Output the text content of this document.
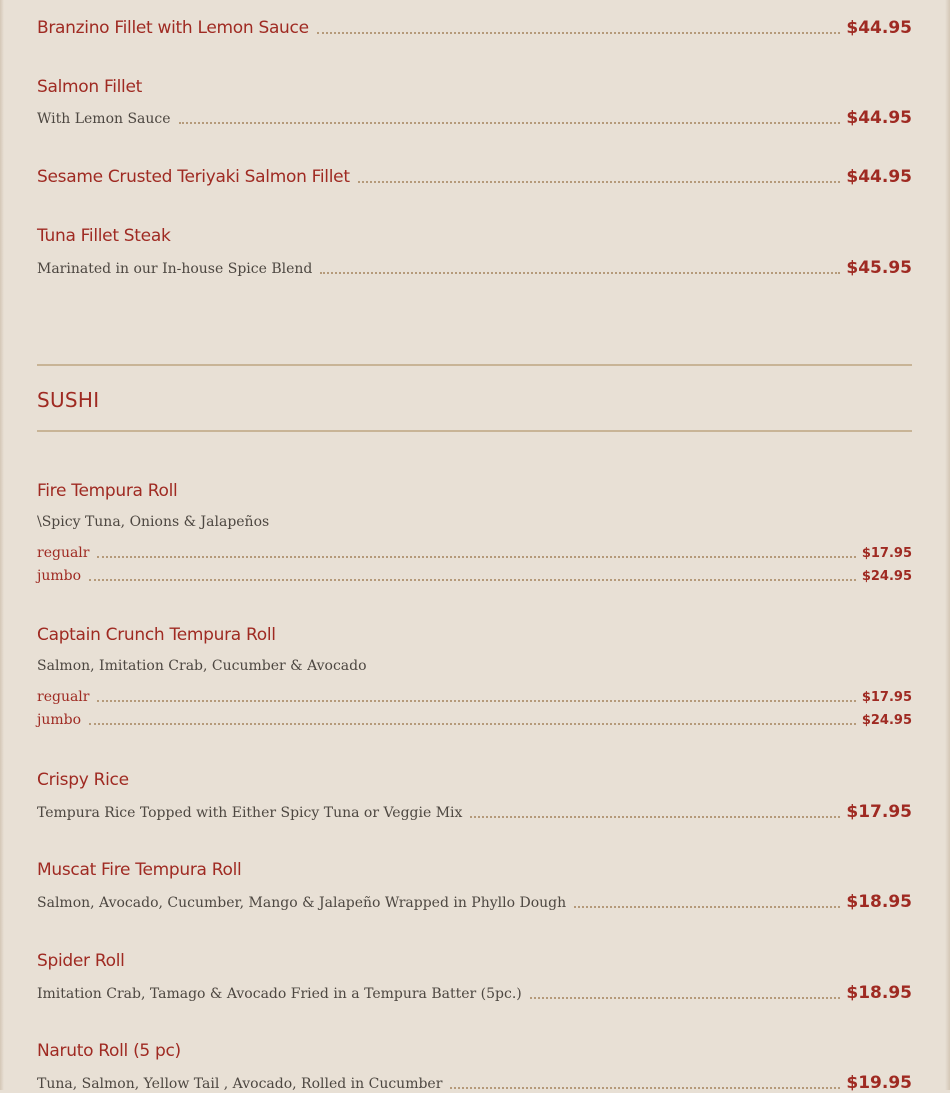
Branzino Fillet with Lemon Sauce	$44.95
Salmon Fillet
With Lemon Sauce	$44.95
Sesame Crusted Teriyaki Salmon Fillet	$44.95
Tuna Fillet Steak
Marinated in our In-house Spice Blend	$45.95
SUSHI
Fire Tempura Roll
\Spicy Tuna, Onions & Jalapeños
regualr	$17.95
jumbo	$24.95
Captain Crunch Tempura Roll
Salmon, Imitation Crab, Cucumber & Avocado
regualr	$17.95
jumbo	$24.95
Crispy Rice
Tempura Rice Topped with Either Spicy Tuna or Veggie Mix	$17.95
Muscat Fire Tempura Roll
Salmon, Avocado, Cucumber, Mango & Jalapeño Wrapped in Phyllo Dough	$18.95
Spider Roll
Imitation Crab, Tamago & Avocado Fried in a Tempura Batter (5pc.)	$18.95
Naruto Roll (5 pc)
Tuna, Salmon, Yellow Tail , Avocado, Rolled in Cucumber	$19.95
